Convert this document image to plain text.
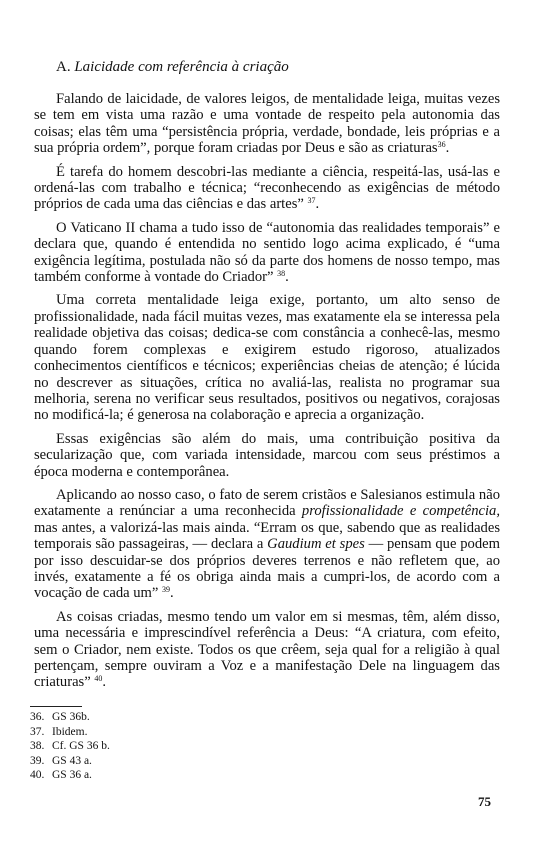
A. Laicidade com referência à criação

Falando de laicidade, de valores leigos, de mentalidade leiga, muitas vezes se tem em vista uma razão e uma vontade de respeito pela autonomia das coisas; elas têm uma “persistência própria, verdade, bondade, leis próprias e a sua própria ordem”, porque foram criadas por Deus e são as criaturas$^{36}$.

É tarefa do homem descobri-las mediante a ciência, respeitá-las, usá-las e ordená-las com trabalho e técnica; “reconhecendo as exigências de método próprios de cada uma das ciências e das artes” $^{37}$.

O Vaticano II chama a tudo isso de “autonomia das realidades temporais” e declara que, quando é entendida no sentido logo acima explicado, é “uma exigência legítima, postulada não só da parte dos homens de nosso tempo, mas também conforme à vontade do Criador” $^{38}$.

Uma correta mentalidade leiga exige, portanto, um alto senso de profissionalidade, nada fácil muitas vezes, mas exatamente ela se interessa pela realidade objetiva das coisas; dedica-se com constância a conhecê-las, mesmo quando forem complexas e exigirem estudo rigoroso, atualizados conhecimentos científicos e técnicos; experiências cheias de atenção; é lúcida no descrever as situações, crítica no avaliá-las, realista no programar sua melhoria, serena no verificar seus resultados, positivos ou negativos, corajosas no modificá-la; é generosa na colaboração e aprecia a organização.

Essas exigências são além do mais, uma contribuição positiva da secularização que, com variada intensidade, marcou com seus préstimos a época moderna e contemporânea.

Aplicando ao nosso caso, o fato de serem cristãos e Salesianos estimula não exatamente a renúnciar a uma reconhecida profissionalidade e competência, mas antes, a valorizá-las mais ainda. “Erram os que, sabendo que as realidades temporais são passageiras, — declara a Gaudium et spes — pensam que podem por isso descuidar-se dos próprios deveres terrenos e não refletem que, ao invés, exatamente a fé os obriga ainda mais a cumpri-los, de acordo com a vocação de cada um” $^{39}$.

As coisas criadas, mesmo tendo um valor em si mesmas, têm, além disso, uma necessária e imprescindível referência a Deus: “A criatura, com efeito, sem o Criador, nem existe. Todos os que crêem, seja qual for a religião à qual pertençam, sempre ouviram a Voz e a manifestação Dele na linguagem das criaturas” $^{40}$.

36. GS 36b.
37. Ibidem.
38. Cf. GS 36 b.
39. GS 43 a.
40. GS 36 a.
75
